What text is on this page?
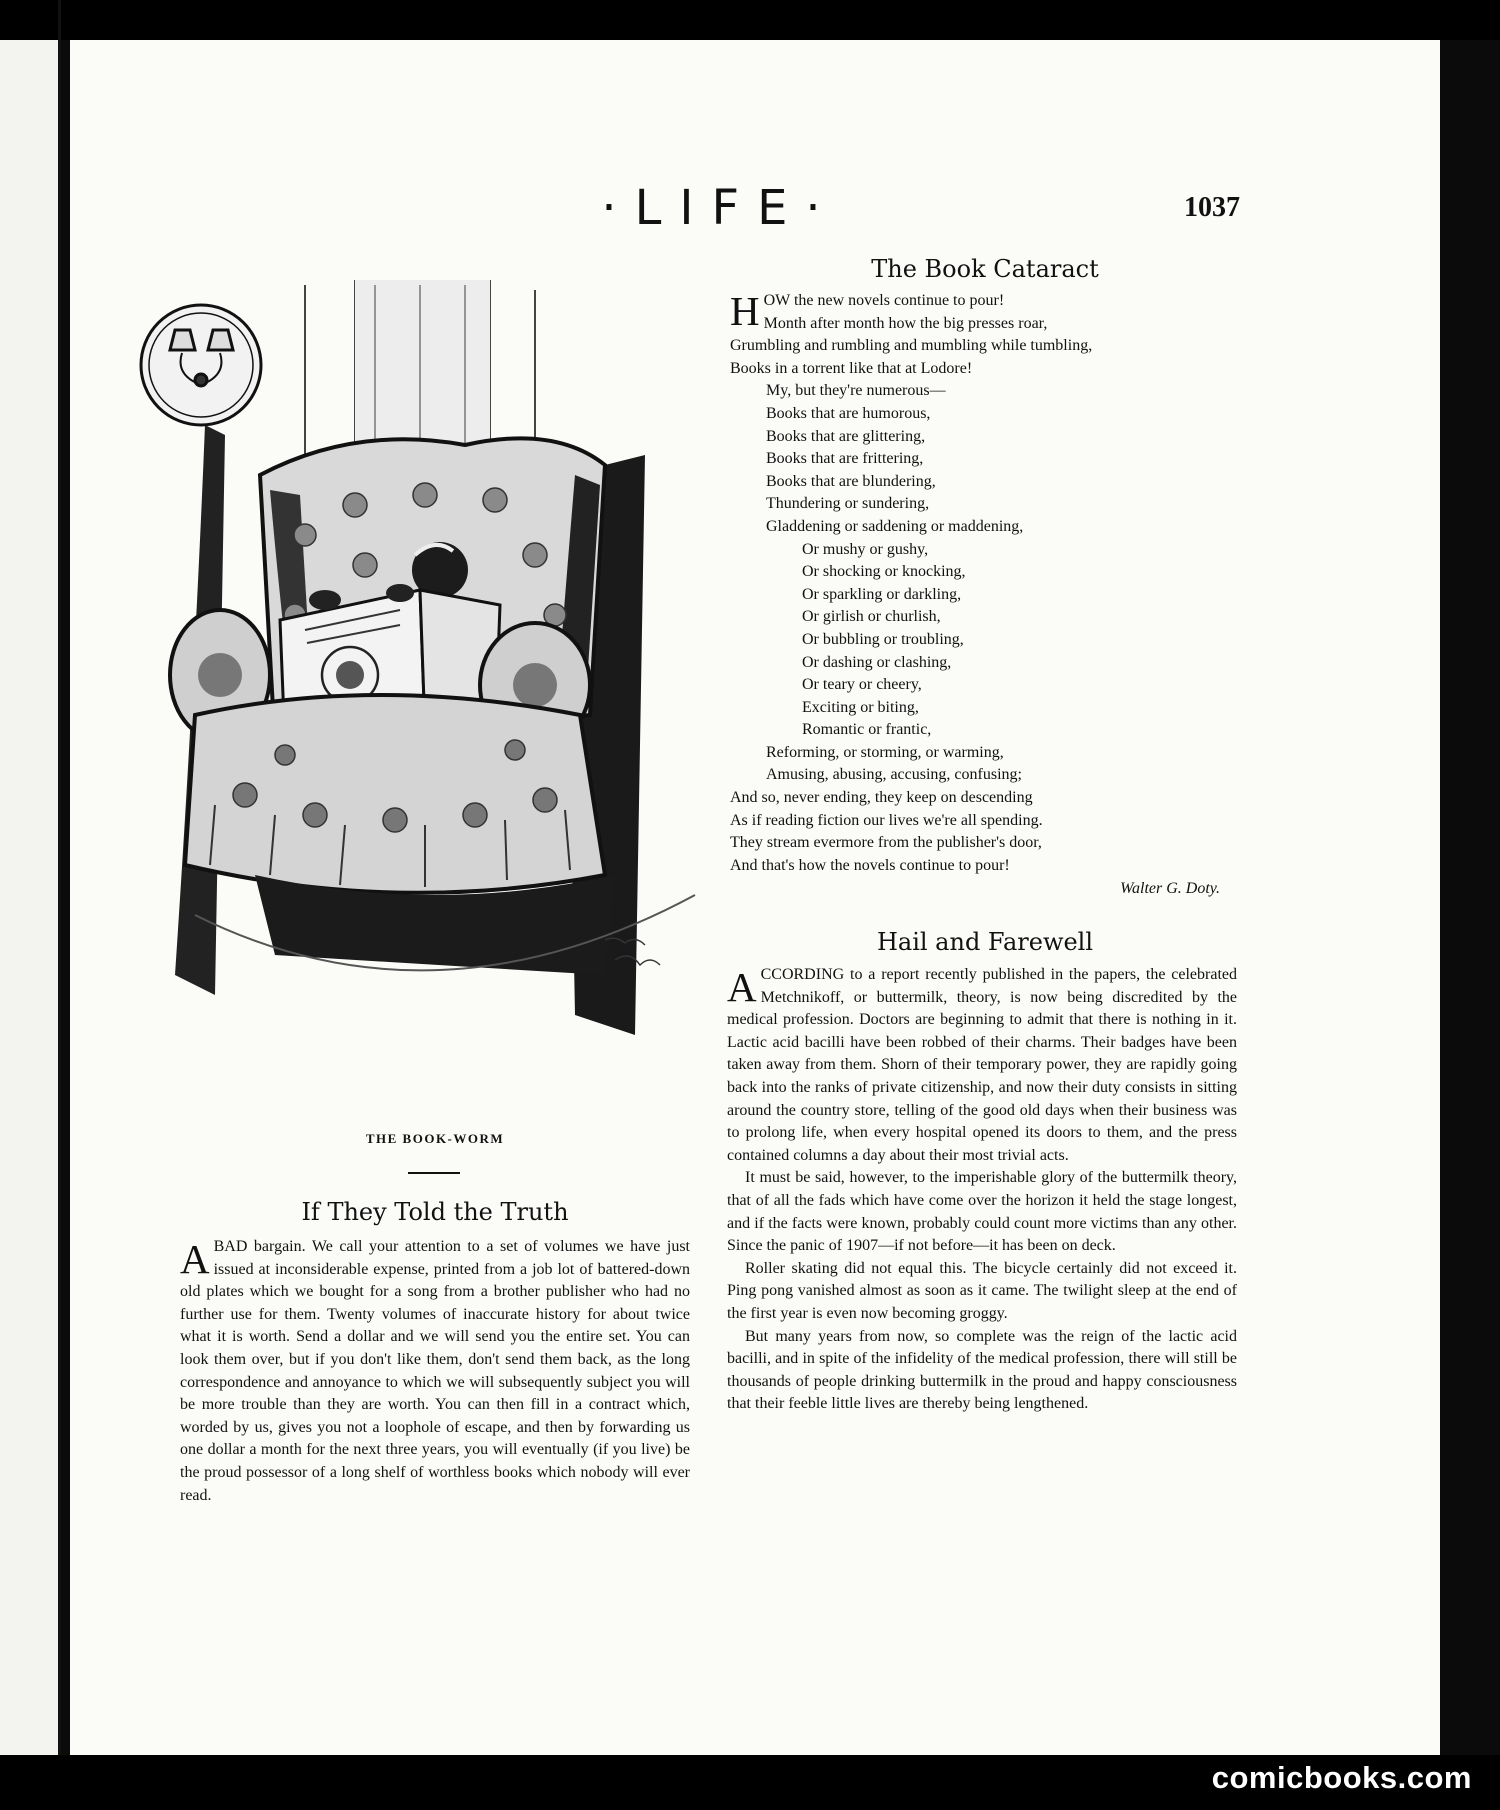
·LIFE·	1037
THE BOOK-WORM
If They Told the Truth

ABAD bargain. We call your attention to a set of volumes we have just issued at inconsiderable expense, printed from a job lot of battered-down old plates which we bought for a song from a brother publisher who had no further use for them. Twenty volumes of inaccurate history for about twice what it is worth. Send a dollar and we will send you the entire set. You can look them over, but if you don't like them, don't send them back, as the long correspondence and annoyance to which we will subsequently subject you will be more trouble than they are worth. You can then fill in a contract which, worded by us, gives you not a loophole of escape, and then by forwarding us one dollar a month for the next three years, you will eventually (if you live) be the proud possessor of a long shelf of worthless books which nobody will ever read.

The Book Cataract
HOW the new novels continue to pour!
Month after month how the big presses roar,
Grumbling and rumbling and mumbling while tumbling,
Books in a torrent like that at Lodore!
My, but they're numerous—
Books that are humorous,
Books that are glittering,
Books that are frittering,
Books that are blundering,
Thundering or sundering,
Gladdening or saddening or maddening,
Or mushy or gushy,
Or shocking or knocking,
Or sparkling or darkling,
Or girlish or churlish,
Or bubbling or troubling,
Or dashing or clashing,
Or teary or cheery,
Exciting or biting,
Romantic or frantic,
Reforming, or storming, or warming,
Amusing, abusing, accusing, confusing;
And so, never ending, they keep on descending
As if reading fiction our lives we're all spending.
They stream evermore from the publisher's door,
And that's how the novels continue to pour!
Walter G. Doty.
Hail and Farewell

ACCORDING to a report recently published in the papers, the celebrated Metchnikoff, or buttermilk, theory, is now being discredited by the medical profession. Doctors are beginning to admit that there is nothing in it. Lactic acid bacilli have been robbed of their charms. Their badges have been taken away from them. Shorn of their temporary power, they are rapidly going back into the ranks of private citizenship, and now their duty consists in sitting around the country store, telling of the good old days when their business was to prolong life, when every hospital opened its doors to them, and the press contained columns a day about their most trivial acts.

It must be said, however, to the imperishable glory of the buttermilk theory, that of all the fads which have come over the horizon it held the stage longest, and if the facts were known, probably could count more victims than any other. Since the panic of 1907—if not before—it has been on deck.

Roller skating did not equal this. The bicycle certainly did not exceed it. Ping pong vanished almost as soon as it came. The twilight sleep at the end of the first year is even now becoming groggy.

But many years from now, so complete was the reign of the lactic acid bacilli, and in spite of the infidelity of the medical profession, there will still be thousands of people drinking buttermilk in the proud and happy consciousness that their feeble little lives are thereby being lengthened.

comicbooks.com
